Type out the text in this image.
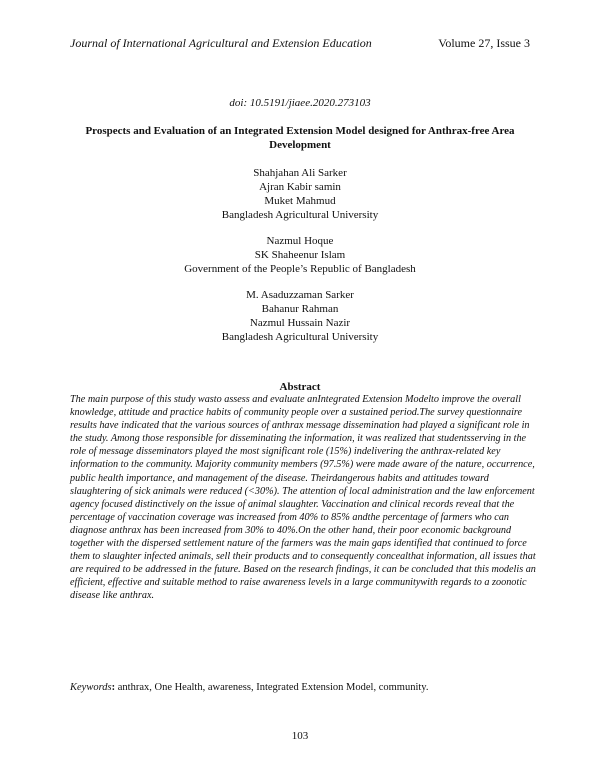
Journal of International Agricultural and Extension Education	Volume 27, Issue 3
doi: 10.5191/jiaee.2020.273103
Prospects and Evaluation of an Integrated Extension Model designed for Anthrax-free Area Development
Shahjahan Ali Sarker
Ajran Kabir samin
Muket Mahmud
Bangladesh Agricultural University
Nazmul Hoque
SK Shaheenur Islam
Government of the People’s Republic of Bangladesh
M. Asaduzzaman Sarker
Bahanur Rahman
Nazmul Hussain Nazir
Bangladesh Agricultural University
Abstract
The main purpose of this study wasto assess and evaluate anIntegrated Extension Modelto improve the overall knowledge, attitude and practice habits of community people over a sustained period.The survey questionnaire results have indicated that the various sources of anthrax message dissemination had played a significant role in the study. Among those responsible for disseminating the information, it was realized that studentsserving in the role of message disseminators played the most significant role (15%) indelivering the anthrax-related key information to the community. Majority community members (97.5%) were made aware of the nature, occurrence, public health importance, and management of the disease. Theirdangerous habits and attitudes toward slaughtering of sick animals were reduced (<30%). The attention of local administration and the law enforcement agency focused distinctively on the issue of animal slaughter. Vaccination and clinical records reveal that the percentage of vaccination coverage was increased from 40% to 85% andthe percentage of farmers who can diagnose anthrax has been increased from 30% to 40%.On the other hand, their poor economic background together with the dispersed settlement nature of the farmers was the main gaps identified that continued to force them to slaughter infected animals, sell their products and to consequently concealthat information, all issues that are required to be addressed in the future. Based on the research findings, it can be concluded that this modelis an efficient, effective and suitable method to raise awareness levels in a large communitywith regards to a zoonotic disease like anthrax.
Keywords: anthrax, One Health, awareness, Integrated Extension Model, community.
103
